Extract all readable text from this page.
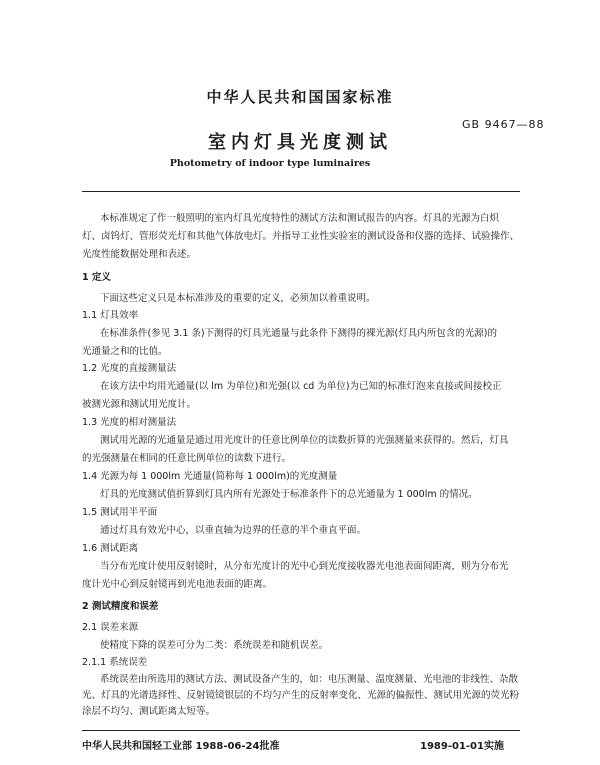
中华人民共和国国家标准
GB 9467—88
室内灯具光度测试
Photometry of indoor type luminaires
本标准规定了作一般照明的室内灯具光度特性的测试方法和测试报告的内容。灯具的光源为白炽
灯、卤钨灯、管形荧光灯和其他气体放电灯。并指导工业性实验室的测试设备和仪器的选择、试验操作、
光度性能数据处理和表述。
1 定义
下面这些定义只是本标准涉及的重要的定义，必须加以着重说明。
1.1 灯具效率
在标准条件(参见 3.1 条)下测得的灯具光通量与此条件下测得的裸光源(灯具内所包含的光源)的
光通量之和的比值。
1.2 光度的直接测量法
在该方法中均用光通量(以 lm 为单位)和光强(以 cd 为单位)为已知的标准灯泡来直接或间接校正
被测光源和测试用光度计。
1.3 光度的相对测量法
测试用光源的光通量是通过用光度计的任意比例单位的读数折算的光强测量来获得的。然后，灯具
的光强测量在相同的任意比例单位的读数下进行。
1.4 光源为每 1 000lm 光通量(简称每 1 000lm)的光度测量
灯具的光度测试值折算到灯具内所有光源处于标准条件下的总光通量为 1 000lm 的情况。
1.5 测试用半平面
通过灯具有效光中心，以垂直轴为边界的任意的半个垂直平面。
1.6 测试距离
当分布光度计使用反射镜时，从分布光度计的光中心到光度接收器光电池表面间距离，则为分布光
度计光中心到反射镜再到光电池表面的距离。
2 测试精度和误差
2.1 误差来源
使精度下降的误差可分为二类：系统误差和随机误差。
2.1.1 系统误差
系统误差由所选用的测试方法、测试设备产生的，如：电压测量、温度测量、光电池的非线性、杂散
光、灯具的光谱选择性、反射镜镜银层的不均匀产生的反射率变化、光源的偏振性、测试用光源的荧光粉
涂层不均匀、测试距离太短等。
中华人民共和国轻工业部 1988-06-24批准	1989-01-01实施
